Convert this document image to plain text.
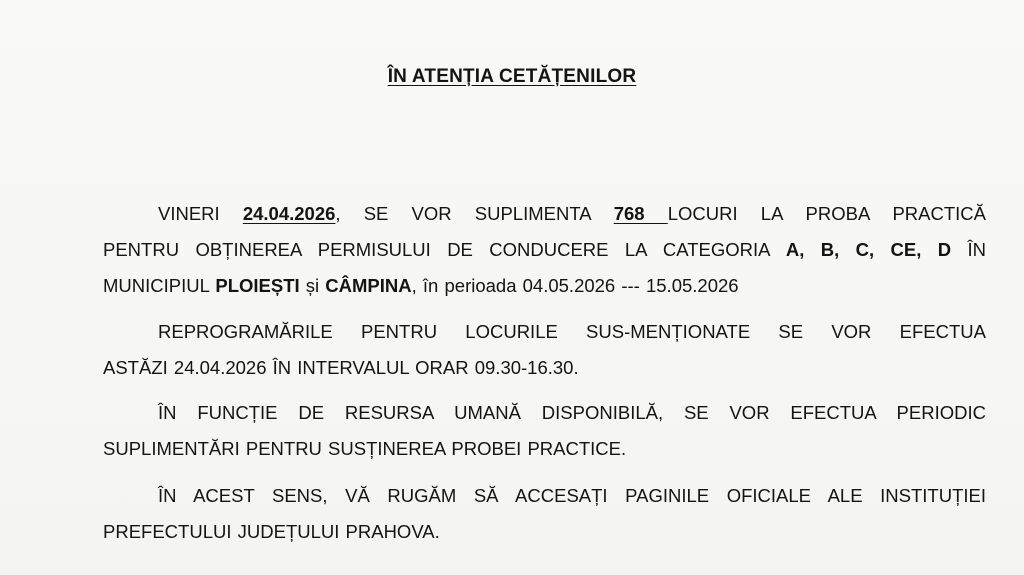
ÎN ATENȚIA CETĂȚENILOR
VINERI 24.04.2026, SE VOR SUPLIMENTA 768 LOCURI LA PROBA PRACTICĂ
PENTRU OBȚINEREA PERMISULUI DE CONDUCERE LA CATEGORIA A, B, C, CE, D ÎN
MUNICIPIUL PLOIEȘTI și CÂMPINA, în perioada 04.05.2026 --- 15.05.2026
REPROGRAMĂRILE PENTRU LOCURILE SUS-MENȚIONATE SE VOR EFECTUA
ASTĂZI 24.04.2026 ÎN INTERVALUL ORAR 09.30-16.30.
ÎN FUNCȚIE DE RESURSA UMANĂ DISPONIBILĂ, SE VOR EFECTUA PERIODIC
SUPLIMENTĂRI PENTRU SUSȚINEREA PROBEI PRACTICE.
ÎN ACEST SENS, VĂ RUGĂM SĂ ACCESAȚI PAGINILE OFICIALE ALE INSTITUȚIEI
PREFECTULUI JUDEȚULUI PRAHOVA.
